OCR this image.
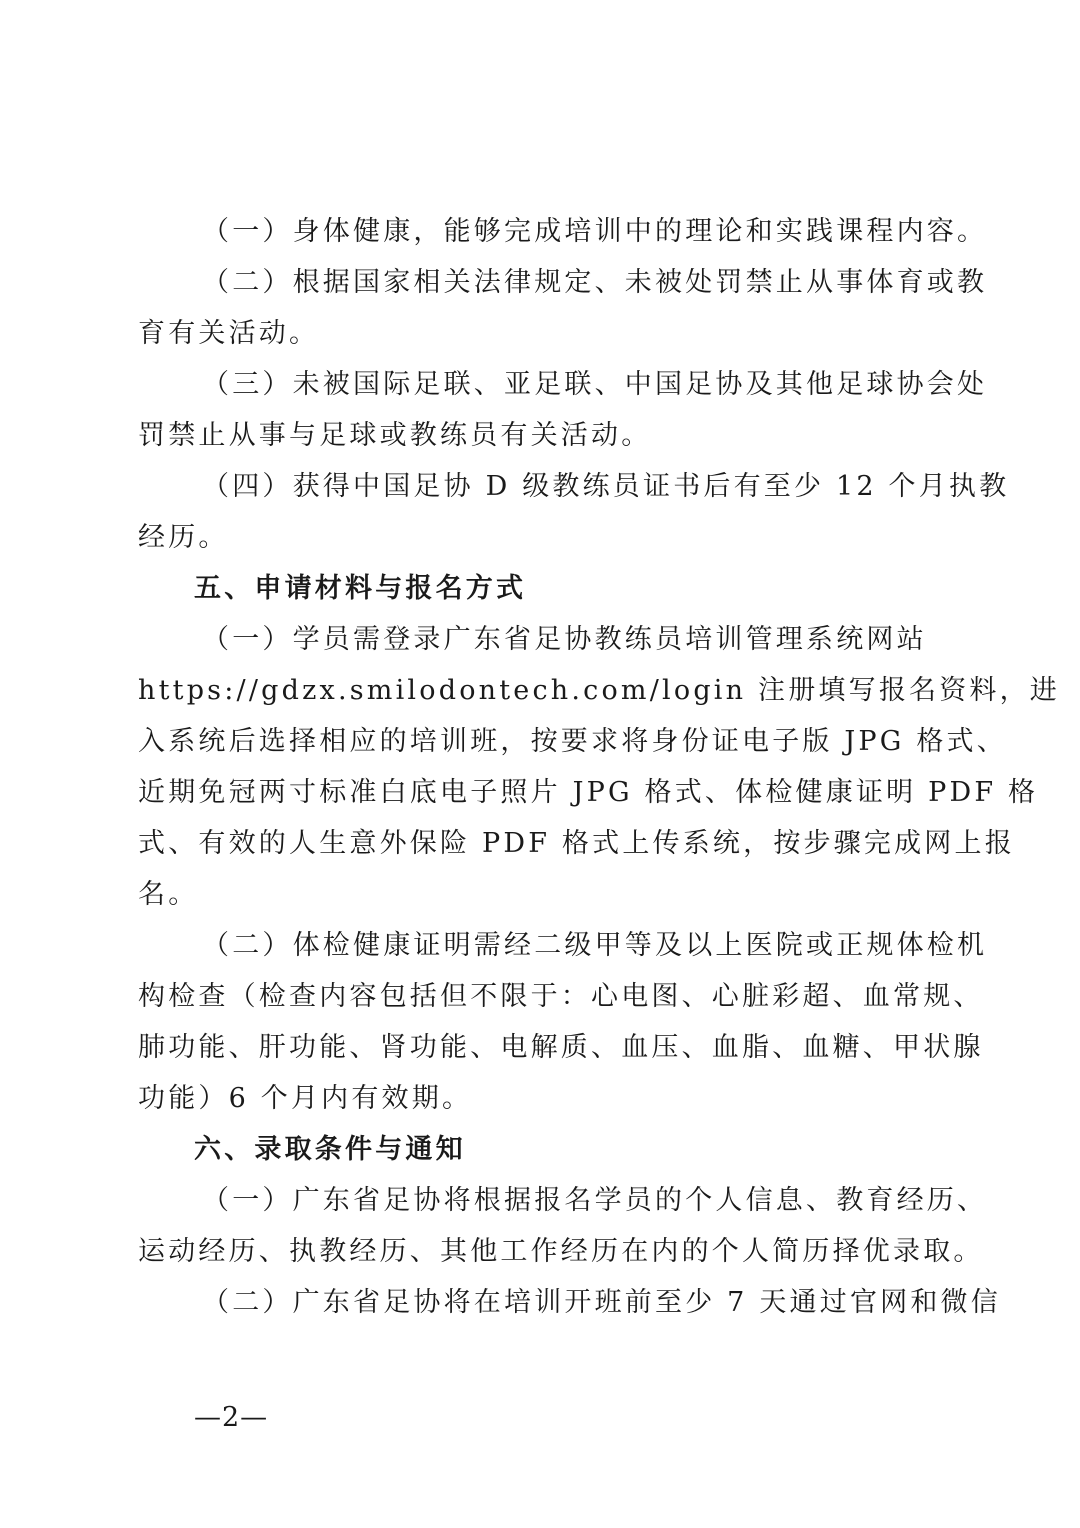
（一）身体健康，能够完成培训中的理论和实践课程内容。
（二）根据国家相关法律规定、未被处罚禁止从事体育或教
育有关活动。
（三）未被国际足联、亚足联、中国足协及其他足球协会处
罚禁止从事与足球或教练员有关活动。
（四）获得中国足协 D 级教练员证书后有至少 12 个月执教
经历。
五、申请材料与报名方式
（一）学员需登录广东省足协教练员培训管理系统网站
https://gdzx.smilodontech.com/login 注册填写报名资料，进
入系统后选择相应的培训班，按要求将身份证电子版 JPG 格式、
近期免冠两寸标准白底电子照片 JPG 格式、体检健康证明 PDF 格
式、有效的人生意外保险 PDF 格式上传系统，按步骤完成网上报
名。
（二）体检健康证明需经二级甲等及以上医院或正规体检机
构检查（检查内容包括但不限于：心电图、心脏彩超、血常规、
肺功能、肝功能、肾功能、电解质、血压、血脂、血糖、甲状腺
功能）6 个月内有效期。
六、录取条件与通知
（一）广东省足协将根据报名学员的个人信息、教育经历、
运动经历、执教经历、其他工作经历在内的个人简历择优录取。
（二）广东省足协将在培训开班前至少 7 天通过官网和微信
—2—
